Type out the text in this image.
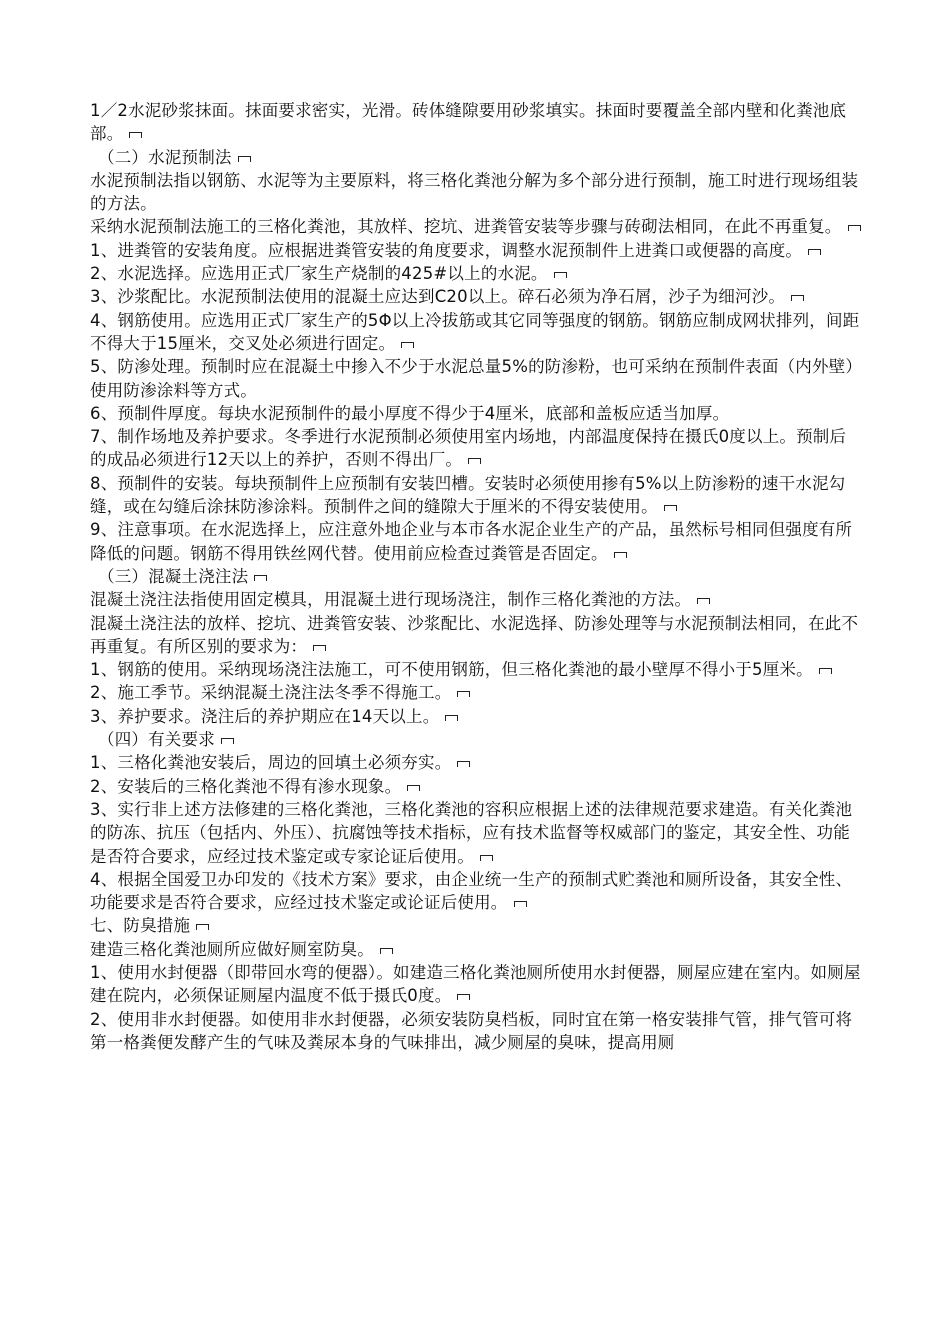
1／2水泥砂浆抹面。抹面要求密实，光滑。砖体缝隙要用砂浆填实。抹面时要覆盖全部内壁和化粪池底部。

（二）水泥预制法

水泥预制法指以钢筋、水泥等为主要原料，将三格化粪池分解为多个部分进行预制，施工时进行现场组装的方法。

采纳水泥预制法施工的三格化粪池，其放样、挖坑、进粪管安装等步骤与砖砌法相同，在此不再重复。

1、进粪管的安装角度。应根据进粪管安装的角度要求，调整水泥预制件上进粪口或便器的高度。

2、水泥选择。应选用正式厂家生产烧制的425#以上的水泥。

3、沙浆配比。水泥预制法使用的混凝土应达到C20以上。碎石必须为净石屑，沙子为细河沙。

4、钢筋使用。应选用正式厂家生产的5Φ以上冷拔筋或其它同等强度的钢筋。钢筋应制成网状排列，间距不得大于15厘米，交叉处必须进行固定。

5、防渗处理。预制时应在混凝土中掺入不少于水泥总量5%的防渗粉，也可采纳在预制件表面（内外壁）使用防渗涂料等方式。

6、预制件厚度。每块水泥预制件的最小厚度不得少于4厘米，底部和盖板应适当加厚。

7、制作场地及养护要求。冬季进行水泥预制必须使用室内场地，内部温度保持在摄氏0度以上。预制后的成品必须进行12天以上的养护，否则不得出厂。

8、预制件的安装。每块预制件上应预制有安装凹槽。安装时必须使用掺有5%以上防渗粉的速干水泥勾缝，或在勾缝后涂抹防渗涂料。预制件之间的缝隙大于厘米的不得安装使用。

9、注意事项。在水泥选择上，应注意外地企业与本市各水泥企业生产的产品，虽然标号相同但强度有所降低的问题。钢筋不得用铁丝网代替。使用前应检查过粪管是否固定。

（三）混凝土浇注法

混凝土浇注法指使用固定模具，用混凝土进行现场浇注，制作三格化粪池的方法。

混凝土浇注法的放样、挖坑、进粪管安装、沙浆配比、水泥选择、防渗处理等与水泥预制法相同，在此不再重复。有所区别的要求为：

1、钢筋的使用。采纳现场浇注法施工，可不使用钢筋，但三格化粪池的最小壁厚不得小于5厘米。

2、施工季节。采纳混凝土浇注法冬季不得施工。

3、养护要求。浇注后的养护期应在14天以上。

（四）有关要求

1、三格化粪池安装后，周边的回填土必须夯实。

2、安装后的三格化粪池不得有渗水现象。

3、实行非上述方法修建的三格化粪池，三格化粪池的容积应根据上述的法律规范要求建造。有关化粪池的防冻、抗压（包括内、外压）、抗腐蚀等技术指标，应有技术监督等权威部门的鉴定，其安全性、功能是否符合要求，应经过技术鉴定或专家论证后使用。

4、根据全国爱卫办印发的《技术方案》要求，由企业统一生产的预制式贮粪池和厕所设备，其安全性、功能要求是否符合要求，应经过技术鉴定或论证后使用。

七、防臭措施

建造三格化粪池厕所应做好厕室防臭。

1、使用水封便器（即带回水弯的便器）。如建造三格化粪池厕所使用水封便器，厕屋应建在室内。如厕屋建在院内，必须保证厕屋内温度不低于摄氏0度。

2、使用非水封便器。如使用非水封便器，必须安装防臭档板，同时宜在第一格安装排气管，排气管可将第一格粪便发酵产生的气味及粪尿本身的气味排出，减少厕屋的臭味，提高用厕
